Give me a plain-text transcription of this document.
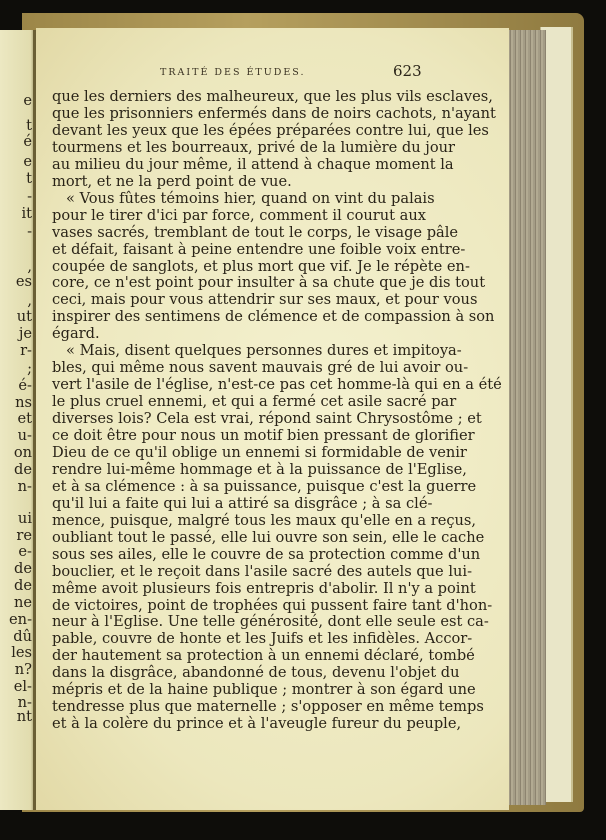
TRAITÉ DES ÉTUDES.	623
que les derniers des malheureux, que les plus vils esclaves,
que les prisonniers enfermés dans de noirs cachots, n'ayant
devant les yeux que les épées préparées contre lui, que les
tourmens et les bourreaux, privé de la lumière du jour
au milieu du jour même, il attend à chaque moment la
mort, et ne la perd point de vue.
« Vous fûtes témoins hier, quand on vint du palais
pour le tirer d'ici par force, comment il courut aux
vases sacrés, tremblant de tout le corps, le visage pâle
et défait, faisant à peine entendre une foible voix entre-
coupée de sanglots, et plus mort que vif. Je le répète en-
core, ce n'est point pour insulter à sa chute que je dis tout
ceci, mais pour vous attendrir sur ses maux, et pour vous
inspirer des sentimens de clémence et de compassion à son
égard.
« Mais, disent quelques personnes dures et impitoya-
bles, qui même nous savent mauvais gré de lui avoir ou-
vert l'asile de l'église, n'est-ce pas cet homme-là qui en a été
le plus cruel ennemi, et qui a fermé cet asile sacré par
diverses lois? Cela est vrai, répond saint Chrysostôme ; et
ce doit être pour nous un motif bien pressant de glorifier
Dieu de ce qu'il oblige un ennemi si formidable de venir
rendre lui-même hommage et à la puissance de l'Eglise,
et à sa clémence : à sa puissance, puisque c'est la guerre
qu'il lui a faite qui lui a attiré sa disgrâce ; à sa clé-
mence, puisque, malgré tous les maux qu'elle en a reçus,
oubliant tout le passé, elle lui ouvre son sein, elle le cache
sous ses ailes, elle le couvre de sa protection comme d'un
bouclier, et le reçoit dans l'asile sacré des autels que lui-
même avoit plusieurs fois entrepris d'abolir. Il n'y a point
de victoires, point de trophées qui pussent faire tant d'hon-
neur à l'Eglise. Une telle générosité, dont elle seule est ca-
pable, couvre de honte et les Juifs et les infidèles. Accor-
der hautement sa protection à un ennemi déclaré, tombé
dans la disgrâce, abandonné de tous, devenu l'objet du
mépris et de la haine publique ; montrer à son égard une
tendresse plus que maternelle ; s'opposer en même temps
et à la colère du prince et à l'aveugle fureur du peuple,
e
t
é
e
t
-
it
-
,
es
,
ut
je
r-
;
é-
ns
et
u-
on
de
n-
ui
re
e-
de
de
ne
en-
dû
les
n?
el-
n-
nt
